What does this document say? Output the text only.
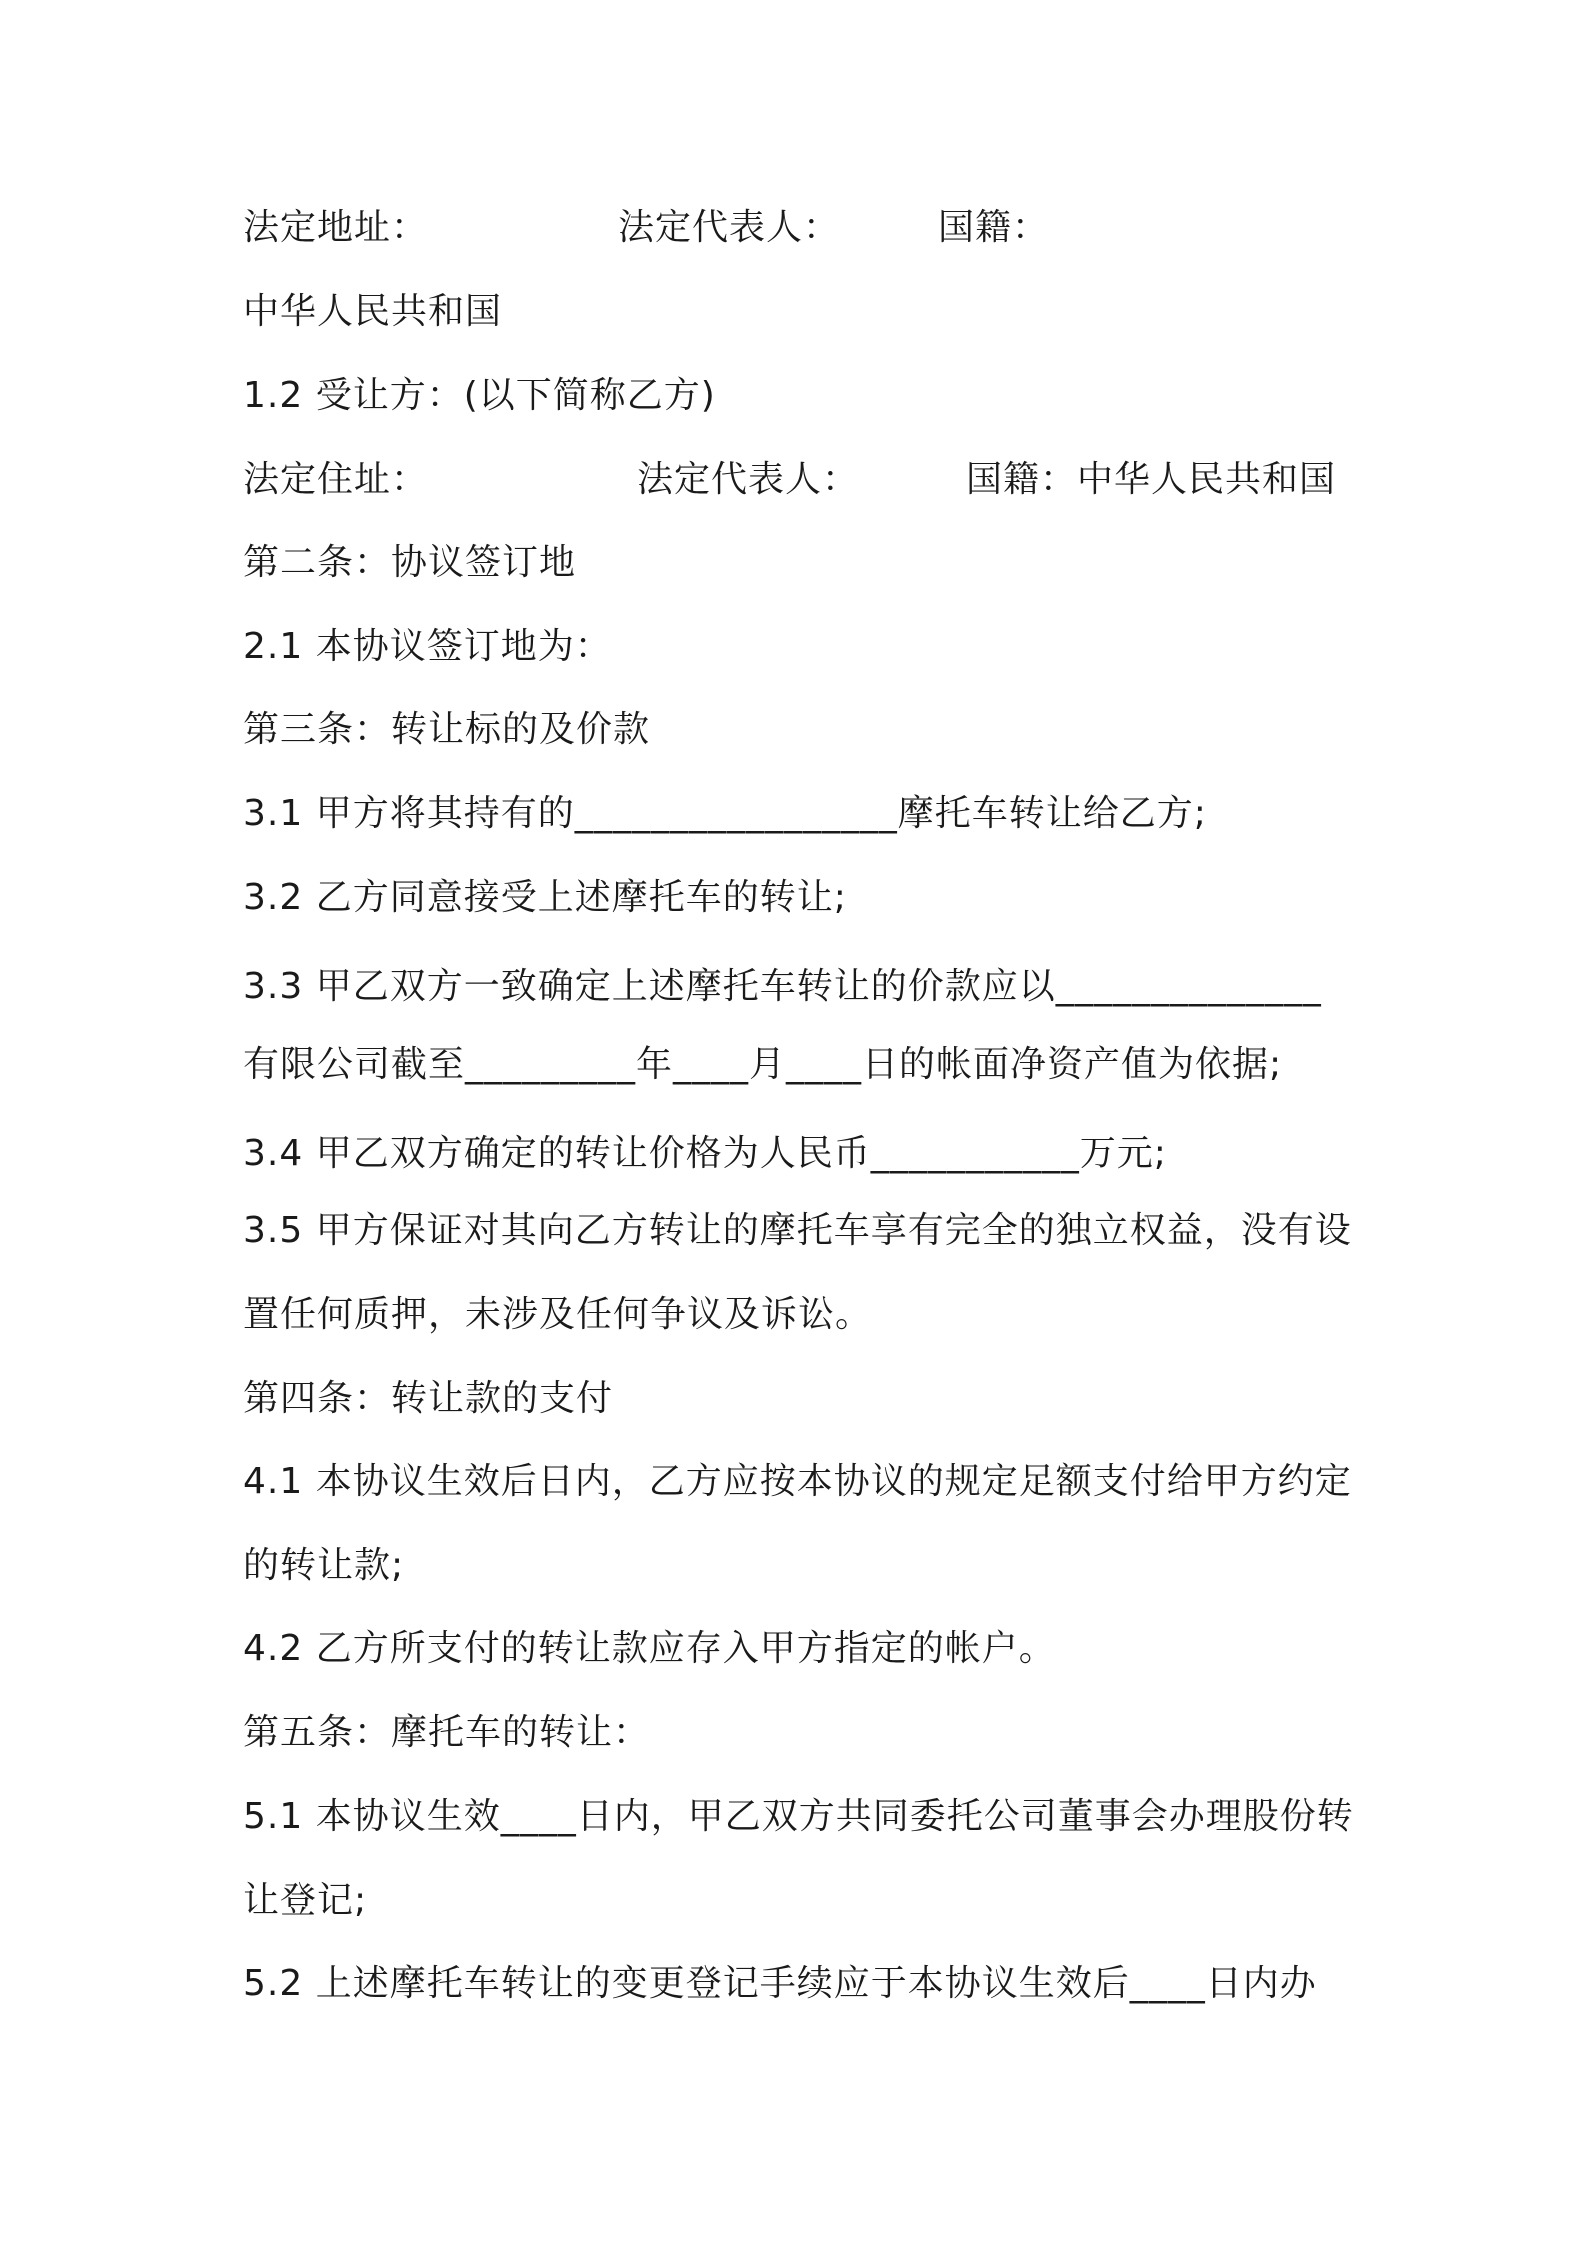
法定地址：	法定代表人：	国籍：
中华人民共和国
1.2 受让方：(以下简称乙方)
法定住址：	法定代表人：	国籍：中华人民共和国
第二条：协议签订地
2.1 本协议签订地为：
第三条：转让标的及价款
3.1 甲方将其持有的_________________摩托车转让给乙方;
3.2 乙方同意接受上述摩托车的转让;
3.3 甲乙双方一致确定上述摩托车转让的价款应以______________
有限公司截至_________年____月____日的帐面净资产值为依据;
3.4 甲乙双方确定的转让价格为人民币___________万元;
3.5 甲方保证对其向乙方转让的摩托车享有完全的独立权益，没有设
置任何质押，未涉及任何争议及诉讼。
第四条：转让款的支付
4.1 本协议生效后日内，乙方应按本协议的规定足额支付给甲方约定
的转让款;
4.2 乙方所支付的转让款应存入甲方指定的帐户。
第五条：摩托车的转让：
5.1 本协议生效____日内，甲乙双方共同委托公司董事会办理股份转
让登记;
5.2 上述摩托车转让的变更登记手续应于本协议生效后____日内办
